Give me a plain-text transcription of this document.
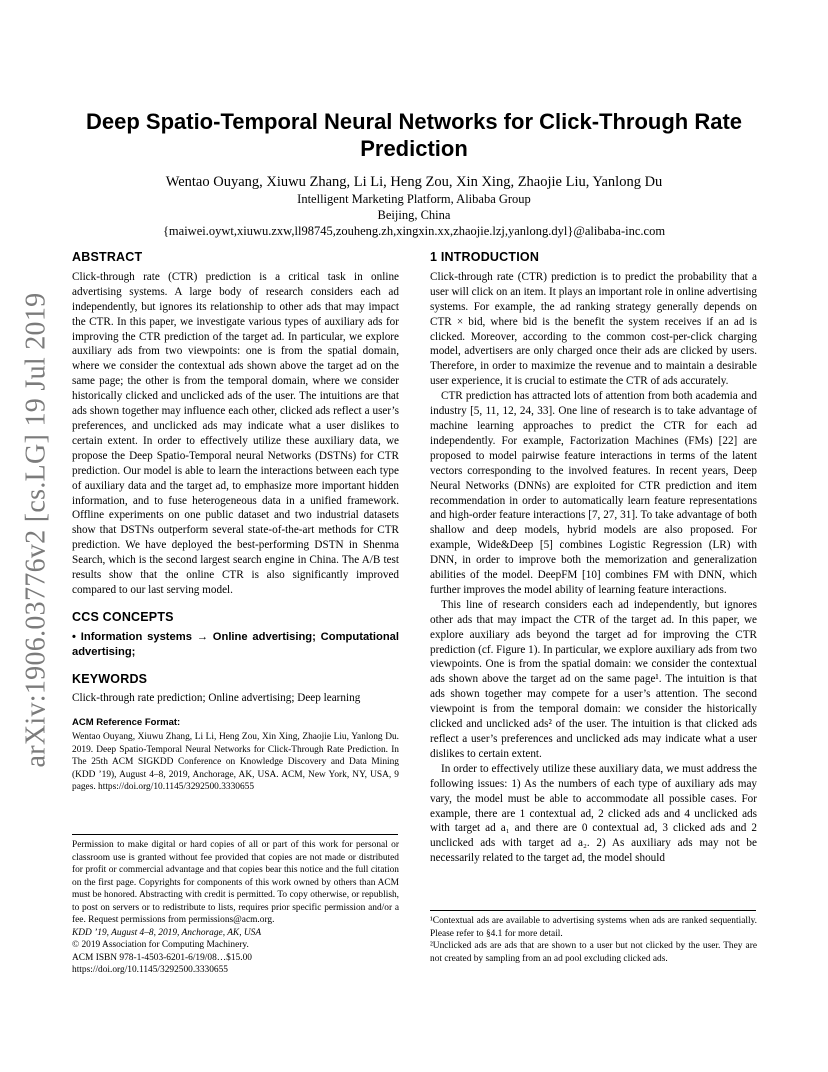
arXiv:1906.03776v2 [cs.LG] 19 Jul 2019
Deep Spatio-Temporal Neural Networks for Click-Through Rate Prediction
Wentao Ouyang, Xiuwu Zhang, Li Li, Heng Zou, Xin Xing, Zhaojie Liu, Yanlong Du
Intelligent Marketing Platform, Alibaba Group
Beijing, China
{maiwei.oywt,xiuwu.zxw,ll98745,zouheng.zh,xingxin.xx,zhaojie.lzj,yanlong.dyl}@alibaba-inc.com
ABSTRACT

Click-through rate (CTR) prediction is a critical task in online advertising systems. A large body of research considers each ad independently, but ignores its relationship to other ads that may impact the CTR. In this paper, we investigate various types of auxiliary ads for improving the CTR prediction of the target ad. In particular, we explore auxiliary ads from two viewpoints: one is from the spatial domain, where we consider the contextual ads shown above the target ad on the same page; the other is from the temporal domain, where we consider historically clicked and unclicked ads of the user. The intuitions are that ads shown together may influence each other, clicked ads reflect a user’s preferences, and unclicked ads may indicate what a user dislikes to certain extent. In order to effectively utilize these auxiliary data, we propose the Deep Spatio-Temporal neural Networks (DSTNs) for CTR prediction. Our model is able to learn the interactions between each type of auxiliary data and the target ad, to emphasize more important hidden information, and to fuse heterogeneous data in a unified framework. Offline experiments on one public dataset and two industrial datasets show that DSTNs outperform several state-of-the-art methods for CTR prediction. We have deployed the best-performing DSTN in Shenma Search, which is the second largest search engine in China. The A/B test results show that the online CTR is also significantly improved compared to our last serving model.

CCS CONCEPTS

• Information systems → Online advertising; Computational advertising;

KEYWORDS

Click-through rate prediction; Online advertising; Deep learning

ACM Reference Format:

Wentao Ouyang, Xiuwu Zhang, Li Li, Heng Zou, Xin Xing, Zhaojie Liu, Yanlong Du. 2019. Deep Spatio-Temporal Neural Networks for Click-Through Rate Prediction. In The 25th ACM SIGKDD Conference on Knowledge Discovery and Data Mining (KDD ’19), August 4–8, 2019, Anchorage, AK, USA. ACM, New York, NY, USA, 9 pages. https://doi.org/10.1145/3292500.3330655

Permission to make digital or hard copies of all or part of this work for personal or classroom use is granted without fee provided that copies are not made or distributed for profit or commercial advantage and that copies bear this notice and the full citation on the first page. Copyrights for components of this work owned by others than ACM must be honored. Abstracting with credit is permitted. To copy otherwise, or republish, to post on servers or to redistribute to lists, requires prior specific permission and/or a fee. Request permissions from permissions@acm.org.

KDD ’19, August 4–8, 2019, Anchorage, AK, USA

© 2019 Association for Computing Machinery.

ACM ISBN 978-1-4503-6201-6/19/08…$15.00

https://doi.org/10.1145/3292500.3330655

1 INTRODUCTION

Click-through rate (CTR) prediction is to predict the probability that a user will click on an item. It plays an important role in online advertising systems. For example, the ad ranking strategy generally depends on CTR × bid, where bid is the benefit the system receives if an ad is clicked. Moreover, according to the common cost-per-click charging model, advertisers are only charged once their ads are clicked by users. Therefore, in order to maximize the revenue and to maintain a desirable user experience, it is crucial to estimate the CTR of ads accurately.

CTR prediction has attracted lots of attention from both academia and industry [5, 11, 12, 24, 33]. One line of research is to take advantage of machine learning approaches to predict the CTR for each ad independently. For example, Factorization Machines (FMs) [22] are proposed to model pairwise feature interactions in terms of the latent vectors corresponding to the involved features. In recent years, Deep Neural Networks (DNNs) are exploited for CTR prediction and item recommendation in order to automatically learn feature representations and high-order feature interactions [7, 27, 31]. To take advantage of both shallow and deep models, hybrid models are also proposed. For example, Wide&Deep [5] combines Logistic Regression (LR) with DNN, in order to improve both the memorization and generalization abilities of the model. DeepFM [10] combines FM with DNN, which further improves the model ability of learning feature interactions.

This line of research considers each ad independently, but ignores other ads that may impact the CTR of the target ad. In this paper, we explore auxiliary ads beyond the target ad for improving the CTR prediction (cf. Figure 1). In particular, we explore auxiliary ads from two viewpoints. One is from the spatial domain: we consider the contextual ads shown above the target ad on the same page¹. The intuition is that ads shown together may compete for a user’s attention. The second viewpoint is from the temporal domain: we consider the historically clicked and unclicked ads² of the user. The intuition is that clicked ads reflect a user’s preferences and unclicked ads may indicate what a user dislikes to certain extent.

In order to effectively utilize these auxiliary data, we must address the following issues: 1) As the numbers of each type of auxiliary ads may vary, the model must be able to accommodate all possible cases. For example, there are 1 contextual ad, 2 clicked ads and 4 unclicked ads with target ad a₁ and there are 0 contextual ad, 3 clicked ads and 2 unclicked ads with target ad a₂. 2) As auxiliary ads may not be necessarily related to the target ad, the model should

¹Contextual ads are available to advertising systems when ads are ranked sequentially. Please refer to §4.1 for more detail.

²Unclicked ads are ads that are shown to a user but not clicked by the user. They are not created by sampling from an ad pool excluding clicked ads.
